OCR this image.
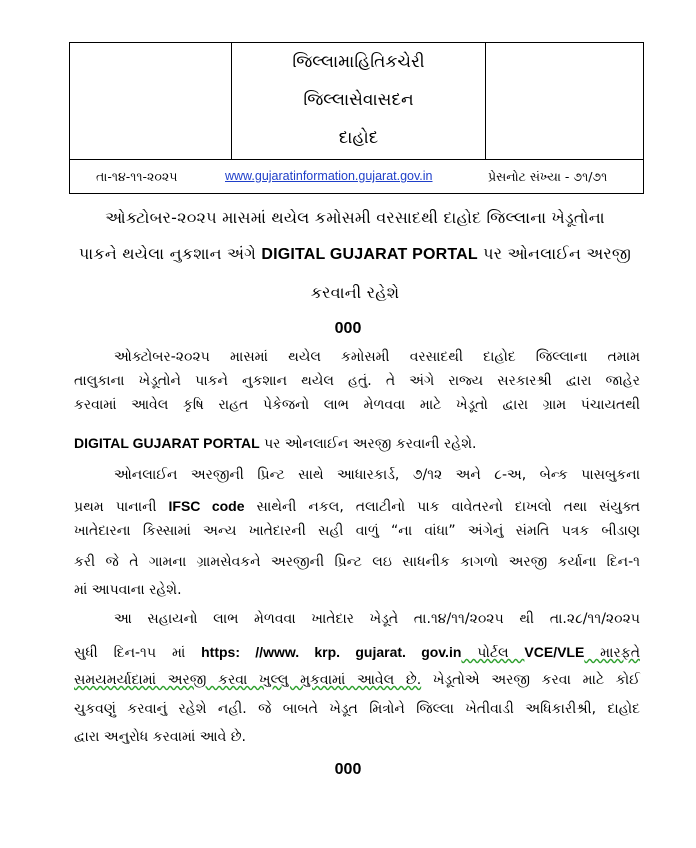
જિલ્લામાહિતિકચેરી
જિલ્લાસેવાસદન
દાહોદ
તા-૧૪-૧૧-૨૦૨૫	www.gujaratinformation.gujarat.gov.in	પ્રેસનોટ સંખ્યા - ૭૧/૭૧
ઓક્ટોબર-૨૦૨૫ માસમાં થયેલ કમોસમી વરસાદથી દાહોદ જિલ્લાના ખેડૂતોના
પાકને થયેલા નુકશાન અંગે DIGITAL GUJARAT PORTAL પર ઓનલાઈન અરજી
કરવાની રહેશે
000
ઓક્ટોબર-૨૦૨૫ માસમાં થયેલ કમોસમી વરસાદથી દાહોદ જિલ્લાના તમામ
તાલુકાના ખેડૂતોને પાકને નુકશાન થયેલ હતું. તે અંગે રાજ્ય સરકારશ્રી દ્વારા જાહેર
કરવામાં આવેલ કૃષિ રાહત પેકેજનો લાભ મેળવવા માટે ખેડૂતો દ્વારા ગ્રામ પંચાયતથી
DIGITAL GUJARAT PORTAL પર ઓનલાઈન અરજી કરવાની રહેશે.
ઓનલાઈન અરજીની પ્રિન્ટ સાથે આધારકાર્ડ, ૭/૧૨ અને ૮-અ, બેન્ક પાસબુકના
પ્રથમ પાનાની IFSC code સાથેની નકલ, તલાટીનો પાક વાવેતરનો દાખલો તથા સંયુક્ત
ખાતેદારના કિસ્સામાં અન્ય ખાતેદારની સહી વાળું “ના વાંધા” અંગેનું સંમતિ પત્રક બીડાણ
કરી જે તે ગામના ગ્રામસેવકને અરજીની પ્રિન્ટ લઇ સાધનીક કાગળો અરજી કર્યાના દિન-૧
માં આપવાના રહેશે.
આ સહાયનો લાભ મેળવવા ખાતેદાર ખેડૂતે તા.૧૪/૧૧/૨૦૨૫ થી તા.૨૮/૧૧/૨૦૨૫
સુધી દિન-૧૫ માં https: //www. krp. gujarat. gov.in પોર્ટલ VCE/VLE મારફતે
સમયમર્યાદામાં અરજી કરવા ખુલ્લુ મુકવામાં આવેલ છે. ખેડૂતોએ અરજી કરવા માટે કોઈ
ચુકવણું કરવાનું રહેશે નહી. જે બાબતે ખેડૂત મિત્રોને જિલ્લા ખેતીવાડી અધિકારીશ્રી, દાહોદ
દ્વારા અનુરોધ કરવામાં આવે છે.
000
